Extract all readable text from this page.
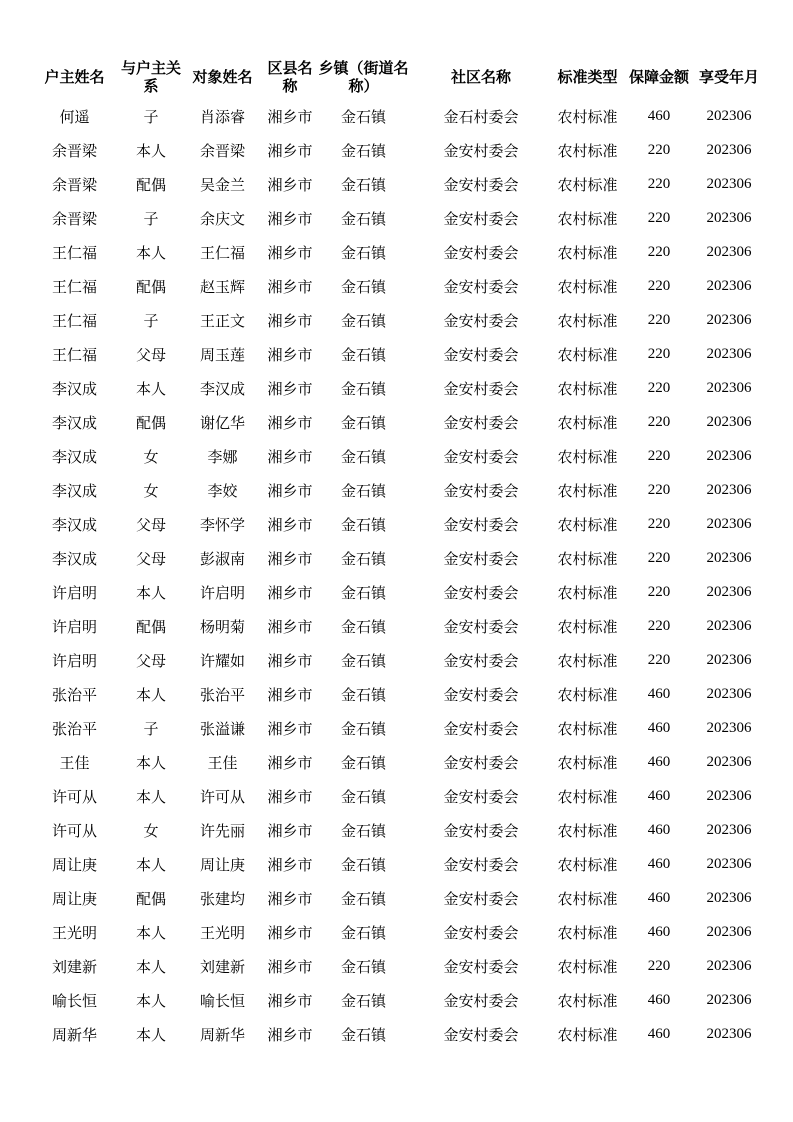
户主姓名	与户主关系	对象姓名	区县名称	乡镇（街道名称）	社区名称	标准类型	保障金额	享受年月
何遥	子	肖添睿	湘乡市	金石镇	金石村委会	农村标准	460	202306
余晋梁	本人	余晋梁	湘乡市	金石镇	金安村委会	农村标准	220	202306
余晋梁	配偶	吴金兰	湘乡市	金石镇	金安村委会	农村标准	220	202306
余晋梁	子	余庆文	湘乡市	金石镇	金安村委会	农村标准	220	202306
王仁福	本人	王仁福	湘乡市	金石镇	金安村委会	农村标准	220	202306
王仁福	配偶	赵玉辉	湘乡市	金石镇	金安村委会	农村标准	220	202306
王仁福	子	王正文	湘乡市	金石镇	金安村委会	农村标准	220	202306
王仁福	父母	周玉莲	湘乡市	金石镇	金安村委会	农村标准	220	202306
李汉成	本人	李汉成	湘乡市	金石镇	金安村委会	农村标准	220	202306
李汉成	配偶	谢亿华	湘乡市	金石镇	金安村委会	农村标准	220	202306
李汉成	女	李娜	湘乡市	金石镇	金安村委会	农村标准	220	202306
李汉成	女	李姣	湘乡市	金石镇	金安村委会	农村标准	220	202306
李汉成	父母	李怀学	湘乡市	金石镇	金安村委会	农村标准	220	202306
李汉成	父母	彭淑南	湘乡市	金石镇	金安村委会	农村标准	220	202306
许启明	本人	许启明	湘乡市	金石镇	金安村委会	农村标准	220	202306
许启明	配偶	杨明菊	湘乡市	金石镇	金安村委会	农村标准	220	202306
许启明	父母	许耀如	湘乡市	金石镇	金安村委会	农村标准	220	202306
张治平	本人	张治平	湘乡市	金石镇	金安村委会	农村标准	460	202306
张治平	子	张溢谦	湘乡市	金石镇	金安村委会	农村标准	460	202306
王佳	本人	王佳	湘乡市	金石镇	金安村委会	农村标准	460	202306
许可从	本人	许可从	湘乡市	金石镇	金安村委会	农村标准	460	202306
许可从	女	许先丽	湘乡市	金石镇	金安村委会	农村标准	460	202306
周让庚	本人	周让庚	湘乡市	金石镇	金安村委会	农村标准	460	202306
周让庚	配偶	张建均	湘乡市	金石镇	金安村委会	农村标准	460	202306
王光明	本人	王光明	湘乡市	金石镇	金安村委会	农村标准	460	202306
刘建新	本人	刘建新	湘乡市	金石镇	金安村委会	农村标准	220	202306
喻长恒	本人	喻长恒	湘乡市	金石镇	金安村委会	农村标准	460	202306
周新华	本人	周新华	湘乡市	金石镇	金安村委会	农村标准	460	202306
